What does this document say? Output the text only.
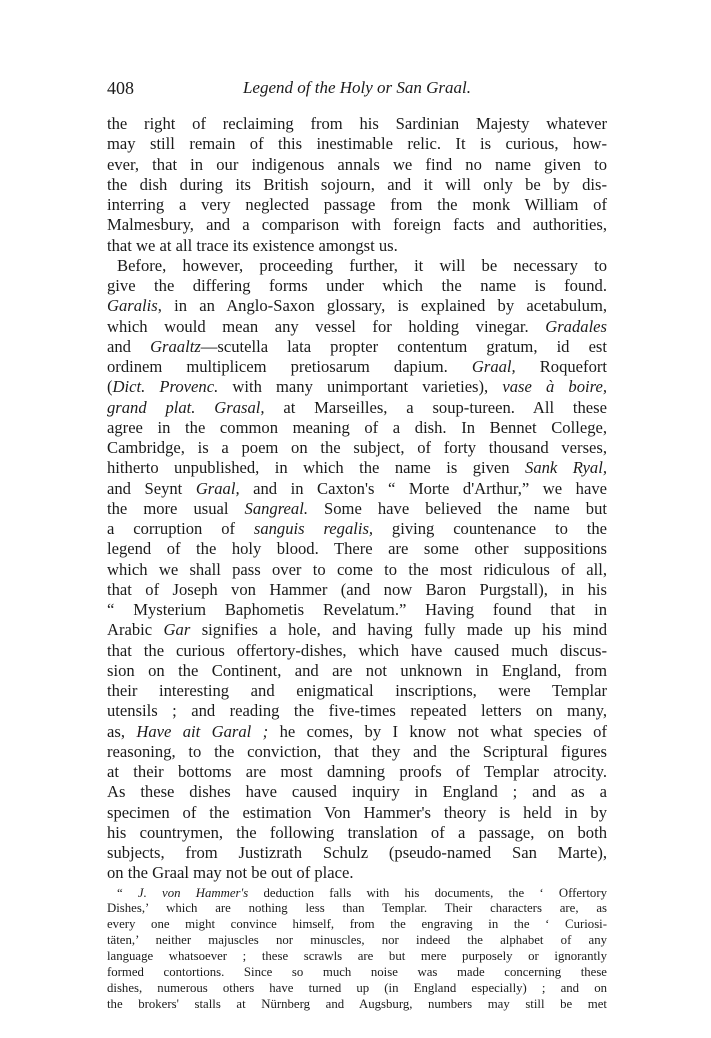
408	Legend of the Holy or San Graal.
the right of reclaiming from his Sardinian Majesty whatever
may still remain of this inestimable relic. It is curious, how-
ever, that in our indigenous annals we find no name given to
the dish during its British sojourn, and it will only be by dis-
interring a very neglected passage from the monk William of
Malmesbury, and a comparison with foreign facts and authorities,
that we at all trace its existence amongst us.
Before, however, proceeding further, it will be necessary to
give the differing forms under which the name is found.
Garalis, in an Anglo-Saxon glossary, is explained by acetabulum,
which would mean any vessel for holding vinegar. Gradales
and Graaltz—scutella lata propter contentum gratum, id est
ordinem multiplicem pretiosarum dapium. Graal, Roquefort
(Dict. Provenc. with many unimportant varieties), vase à boire,
grand plat. Grasal, at Marseilles, a soup-tureen. All these
agree in the common meaning of a dish. In Bennet College,
Cambridge, is a poem on the subject, of forty thousand verses,
hitherto unpublished, in which the name is given Sank Ryal,
and Seynt Graal, and in Caxton's “ Morte d'Arthur,” we have
the more usual Sangreal. Some have believed the name but
a corruption of sanguis regalis, giving countenance to the
legend of the holy blood. There are some other suppositions
which we shall pass over to come to the most ridiculous of all,
that of Joseph von Hammer (and now Baron Purgstall), in his
“ Mysterium Baphometis Revelatum.” Having found that in
Arabic Gar signifies a hole, and having fully made up his mind
that the curious offertory-dishes, which have caused much discus-
sion on the Continent, and are not unknown in England, from
their interesting and enigmatical inscriptions, were Templar
utensils ; and reading the five-times repeated letters on many,
as, Have ait Garal ; he comes, by I know not what species of
reasoning, to the conviction, that they and the Scriptural figures
at their bottoms are most damning proofs of Templar atrocity.
As these dishes have caused inquiry in England ; and as a
specimen of the estimation Von Hammer's theory is held in by
his countrymen, the following translation of a passage, on both
subjects, from Justizrath Schulz (pseudo-named San Marte),
on the Graal may not be out of place.
“ J. von Hammer's deduction falls with his documents, the ‘ Offertory
Dishes,’ which are nothing less than Templar. Their characters are, as
every one might convince himself, from the engraving in the ‘ Curiosi-
täten,’ neither majuscles nor minuscles, nor indeed the alphabet of any
language whatsoever ; these scrawls are but mere purposely or ignorantly
formed contortions. Since so much noise was made concerning these
dishes, numerous others have turned up (in England especially) ; and on
the brokers' stalls at Nürnberg and Augsburg, numbers may still be met
